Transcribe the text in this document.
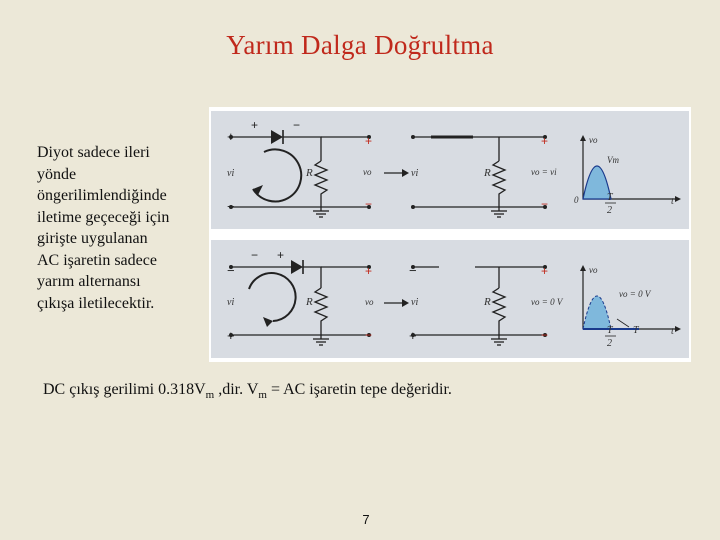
Yarım Dalga Doğrultma
Diyot sadece ileri
yönde
öngerilimlendiğinde
iletime geçeceği için
girişte uygulanan
AC işaretin sadece
yarım alternansı
çıkışa iletilecektir.
+
−
+	−
vi	R
+
−
vo	vi	R
+
−
vo = vi
vo
Vm
0	T
2
t
−
+
− +
vi	R
+
−
vo
−
+
vi	R
+
−
vo = 0 V
vo
vo = 0 V
T
2
T	t
DC çıkış gerilimi $0.318V_m$ ,dir. $V_m$ = AC işaretin tepe değeridir.
7
